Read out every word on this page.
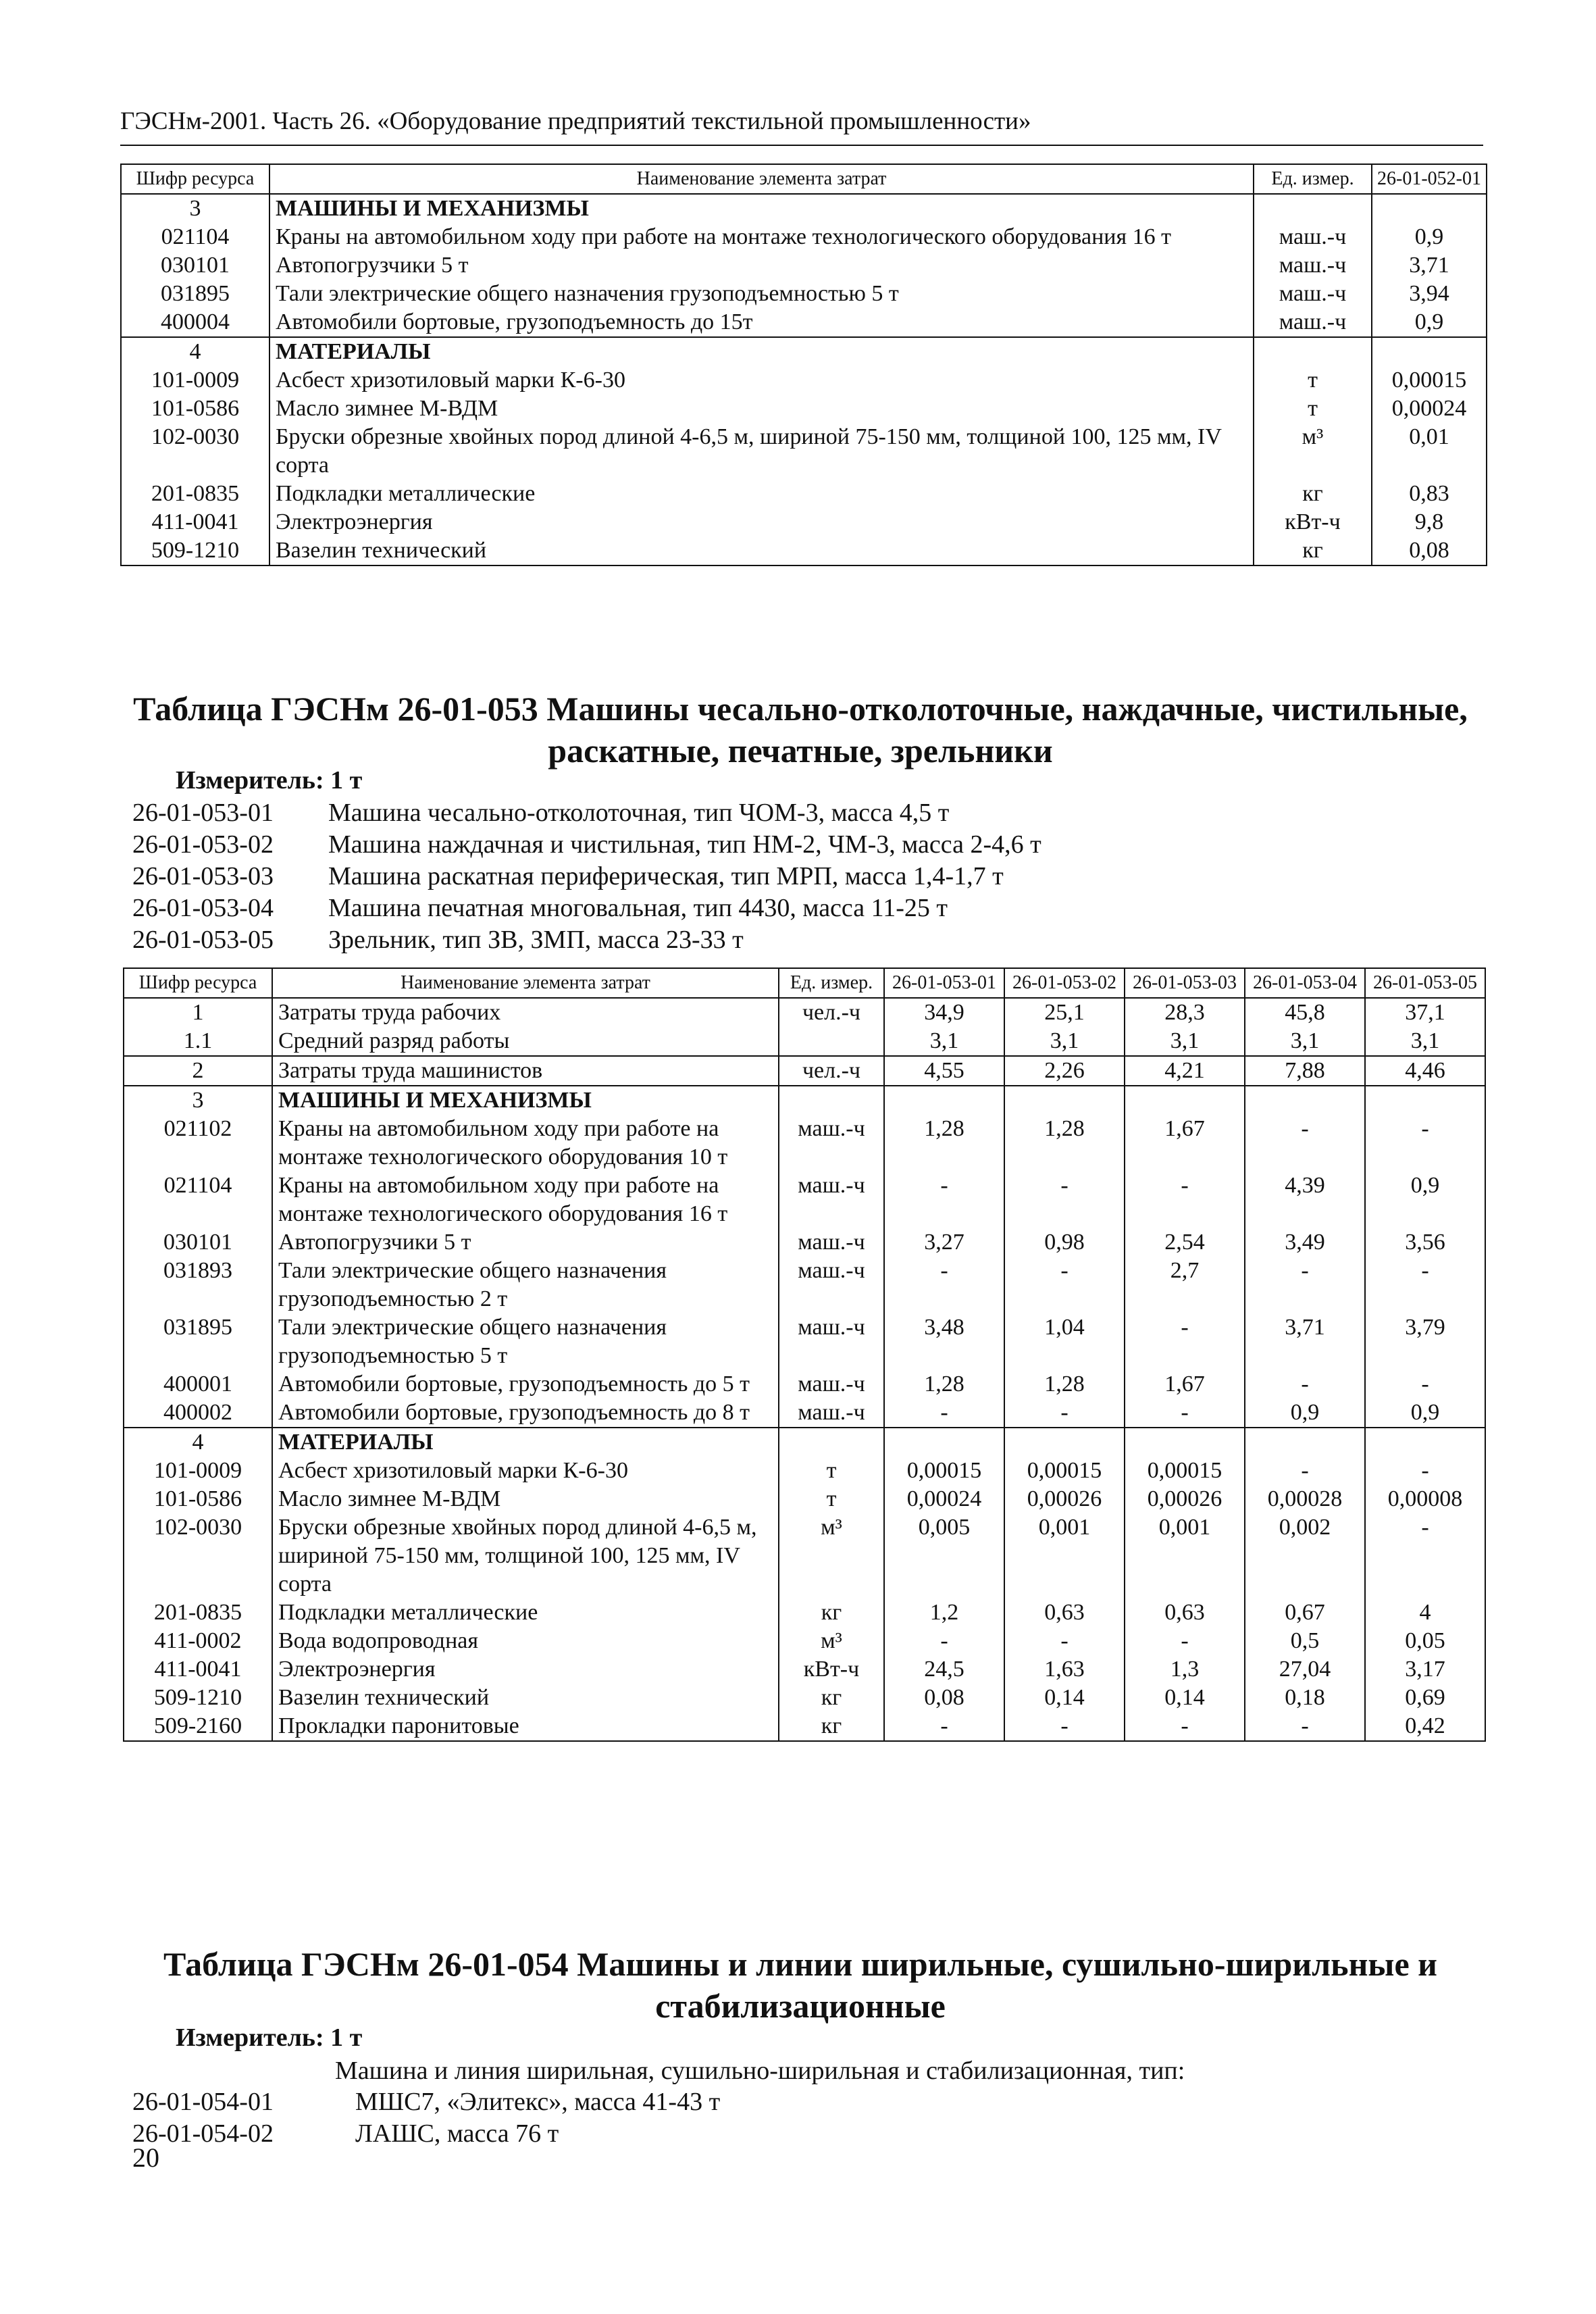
ГЭСНм-2001. Часть 26. «Оборудование предприятий текстильной промышленности»
Шифр ресурса	Наименование элемента затрат	Ед. измер.	26-01-052-01
3	МАШИНЫ И МЕХАНИЗМЫ		
021104	Краны на автомобильном ходу при работе на монтаже технологического оборудования 16 т	маш.-ч	0,9
030101	Автопогрузчики 5 т	маш.-ч	3,71
031895	Тали электрические общего назначения грузоподъемностью 5 т	маш.-ч	3,94
400004	Автомобили бортовые, грузоподъемность до 15т	маш.-ч	0,9
4	МАТЕРИАЛЫ		
101-0009	Асбест хризотиловый марки К-6-30	т	0,00015
101-0586	Масло зимнее М-ВДМ	т	0,00024
102-0030	Бруски обрезные хвойных пород длиной 4-6,5 м, шириной 75-150 мм, толщиной 100, 125 мм, IV сорта	м³	0,01
201-0835	Подкладки металлические	кг	0,83
411-0041	Электроэнергия	кВт-ч	9,8
509-1210	Вазелин технический	кг	0,08
Таблица ГЭСНм 26-01-053 Машины чесально-отколоточные, наждачные, чистильные, раскатные, печатные, зрельники
Измеритель: 1 т
26-01-053-01 Машина чесально-отколоточная, тип ЧОМ-3, масса 4,5 т
26-01-053-02 Машина наждачная и чистильная, тип НМ-2, ЧМ-3, масса 2-4,6 т
26-01-053-03 Машина раскатная периферическая, тип МРП, масса 1,4-1,7 т
26-01-053-04 Машина печатная многовальная, тип 4430, масса 11-25 т
26-01-053-05 Зрельник, тип ЗВ, ЗМП, масса 23-33 т
Шифр ресурса	Наименование элемента затрат	Ед. измер.	26-01-053-01	26-01-053-02	26-01-053-03	26-01-053-04	26-01-053-05
1	Затраты труда рабочих	чел.-ч	34,9	25,1	28,3	45,8	37,1
1.1	Средний разряд работы		3,1	3,1	3,1	3,1	3,1
2	Затраты труда машинистов	чел.-ч	4,55	2,26	4,21	7,88	4,46
3	МАШИНЫ И МЕХАНИЗМЫ						
021102	Краны на автомобильном ходу при работе на монтаже технологического оборудования 10 т	маш.-ч	1,28	1,28	1,67	-	-
021104	Краны на автомобильном ходу при работе на монтаже технологического оборудования 16 т	маш.-ч	-	-	-	4,39	0,9
030101	Автопогрузчики 5 т	маш.-ч	3,27	0,98	2,54	3,49	3,56
031893	Тали электрические общего назначения грузоподъемностью 2 т	маш.-ч	-	-	2,7	-	-
031895	Тали электрические общего назначения грузоподъемностью 5 т	маш.-ч	3,48	1,04	-	3,71	3,79
400001	Автомобили бортовые, грузоподъемность до 5 т	маш.-ч	1,28	1,28	1,67	-	-
400002	Автомобили бортовые, грузоподъемность до 8 т	маш.-ч	-	-	-	0,9	0,9
4	МАТЕРИАЛЫ						
101-0009	Асбест хризотиловый марки К-6-30	т	0,00015	0,00015	0,00015	-	-
101-0586	Масло зимнее М-ВДМ	т	0,00024	0,00026	0,00026	0,00028	0,00008
102-0030	Бруски обрезные хвойных пород длиной 4-6,5 м, шириной 75-150 мм, толщиной 100, 125 мм, IV сорта	м³	0,005	0,001	0,001	0,002	-
201-0835	Подкладки металлические	кг	1,2	0,63	0,63	0,67	4
411-0002	Вода водопроводная	м³	-	-	-	0,5	0,05
411-0041	Электроэнергия	кВт-ч	24,5	1,63	1,3	27,04	3,17
509-1210	Вазелин технический	кг	0,08	0,14	0,14	0,18	0,69
509-2160	Прокладки паронитовые	кг	-	-	-	-	0,42
Таблица ГЭСНм 26-01-054 Машины и линии ширильные, сушильно-ширильные и стабилизационные
Измеритель: 1 т
Машина и линия ширильная, сушильно-ширильная и стабилизационная, тип:
26-01-054-01	МШС7, «Элитекс», масса 41-43 т
26-01-054-02	ЛАШС, масса 76 т
20
